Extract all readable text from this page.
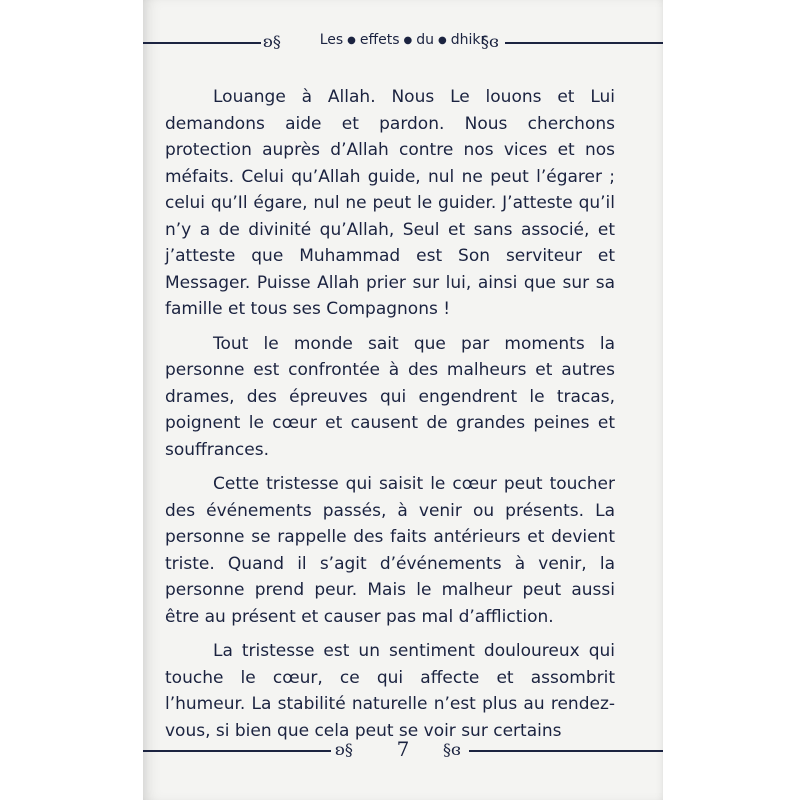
ʚ§	Les ● effets ● du ● dhikr
§ɞ

Louange à Allah. Nous Le louons et Lui demandons aide et pardon. Nous cherchons protection auprès d’Allah contre nos vices et nos méfaits. Celui qu’Allah guide, nul ne peut l’égarer ; celui qu’Il égare, nul ne peut le guider. J’atteste qu’il n’y a de divinité qu’Allah, Seul et sans associé, et j’atteste que Muhammad est Son serviteur et Messager. Puisse Allah prier sur lui, ainsi que sur sa famille et tous ses Compagnons !

Tout le monde sait que par moments la personne est confrontée à des malheurs et autres drames, des épreuves qui engendrent le tracas, poignent le cœur et causent de grandes peines et souffrances.

Cette tristesse qui saisit le cœur peut toucher des événements passés, à venir ou présents. La personne se rappelle des faits antérieurs et devient triste. Quand il s’agit d’événements à venir, la personne prend peur. Mais le malheur peut aussi être au présent et causer pas mal d’affliction.

La tristesse est un sentiment douloureux qui touche le cœur, ce qui affecte et assombrit l’humeur. La stabilité naturelle n’est plus au rendez-vous, si bien que cela peut se voir sur certains

ʚ§	7	§ɞ
